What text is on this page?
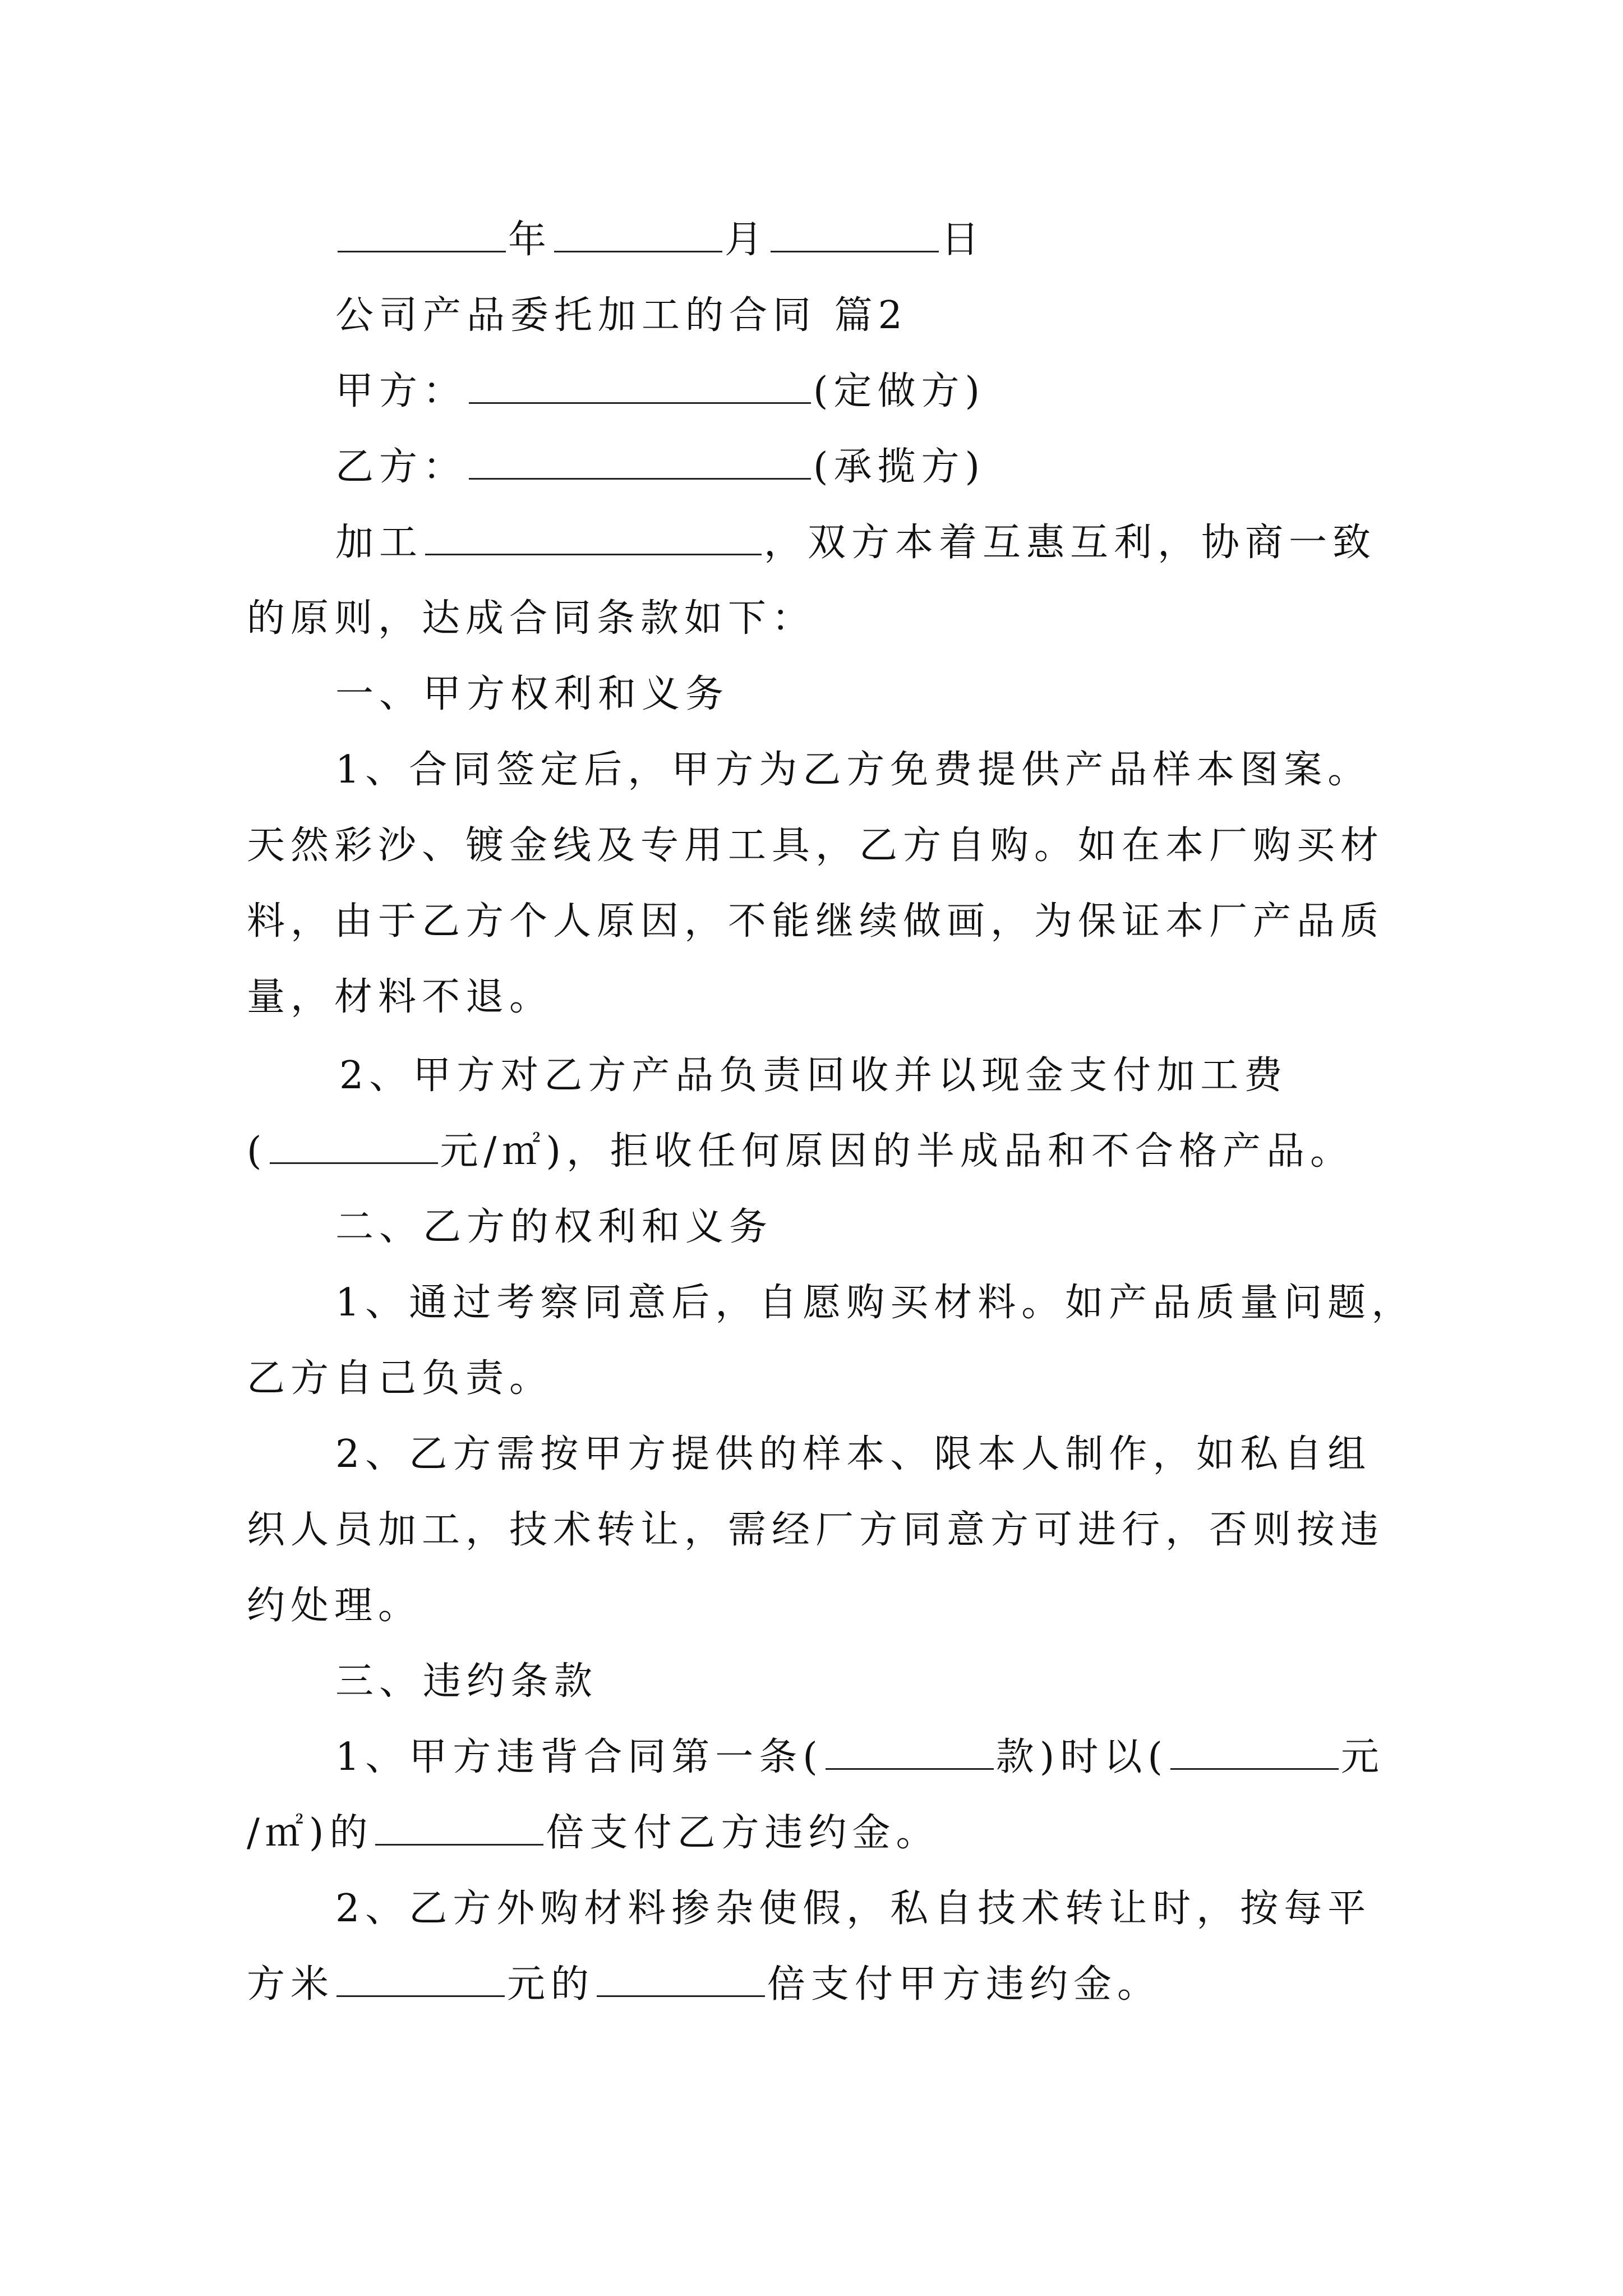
年	月	日
公司产品委托加工的合同 篇2
甲方：	(定做方)
乙方：	(承揽方)
加工	，双方本着互惠互利，协商一致
的原则，达成合同条款如下：
一、甲方权利和义务
1、合同签定后，甲方为乙方免费提供产品样本图案。
天然彩沙、镀金线及专用工具，乙方自购。如在本厂购买材
料，由于乙方个人原因，不能继续做画，为保证本厂产品质
量，材料不退。
2、甲方对乙方产品负责回收并以现金支付加工费
(	元/㎡)，拒收任何原因的半成品和不合格产品。
二、乙方的权利和义务
1、通过考察同意后，自愿购买材料。如产品质量问题，
乙方自己负责。
2、乙方需按甲方提供的样本、限本人制作，如私自组
织人员加工，技术转让，需经厂方同意方可进行，否则按违
约处理。
三、违约条款
1、甲方违背合同第一条(	款)时以(	元
/㎡)的	倍支付乙方违约金。
2、乙方外购材料掺杂使假，私自技术转让时，按每平
方米	元的	倍支付甲方违约金。
